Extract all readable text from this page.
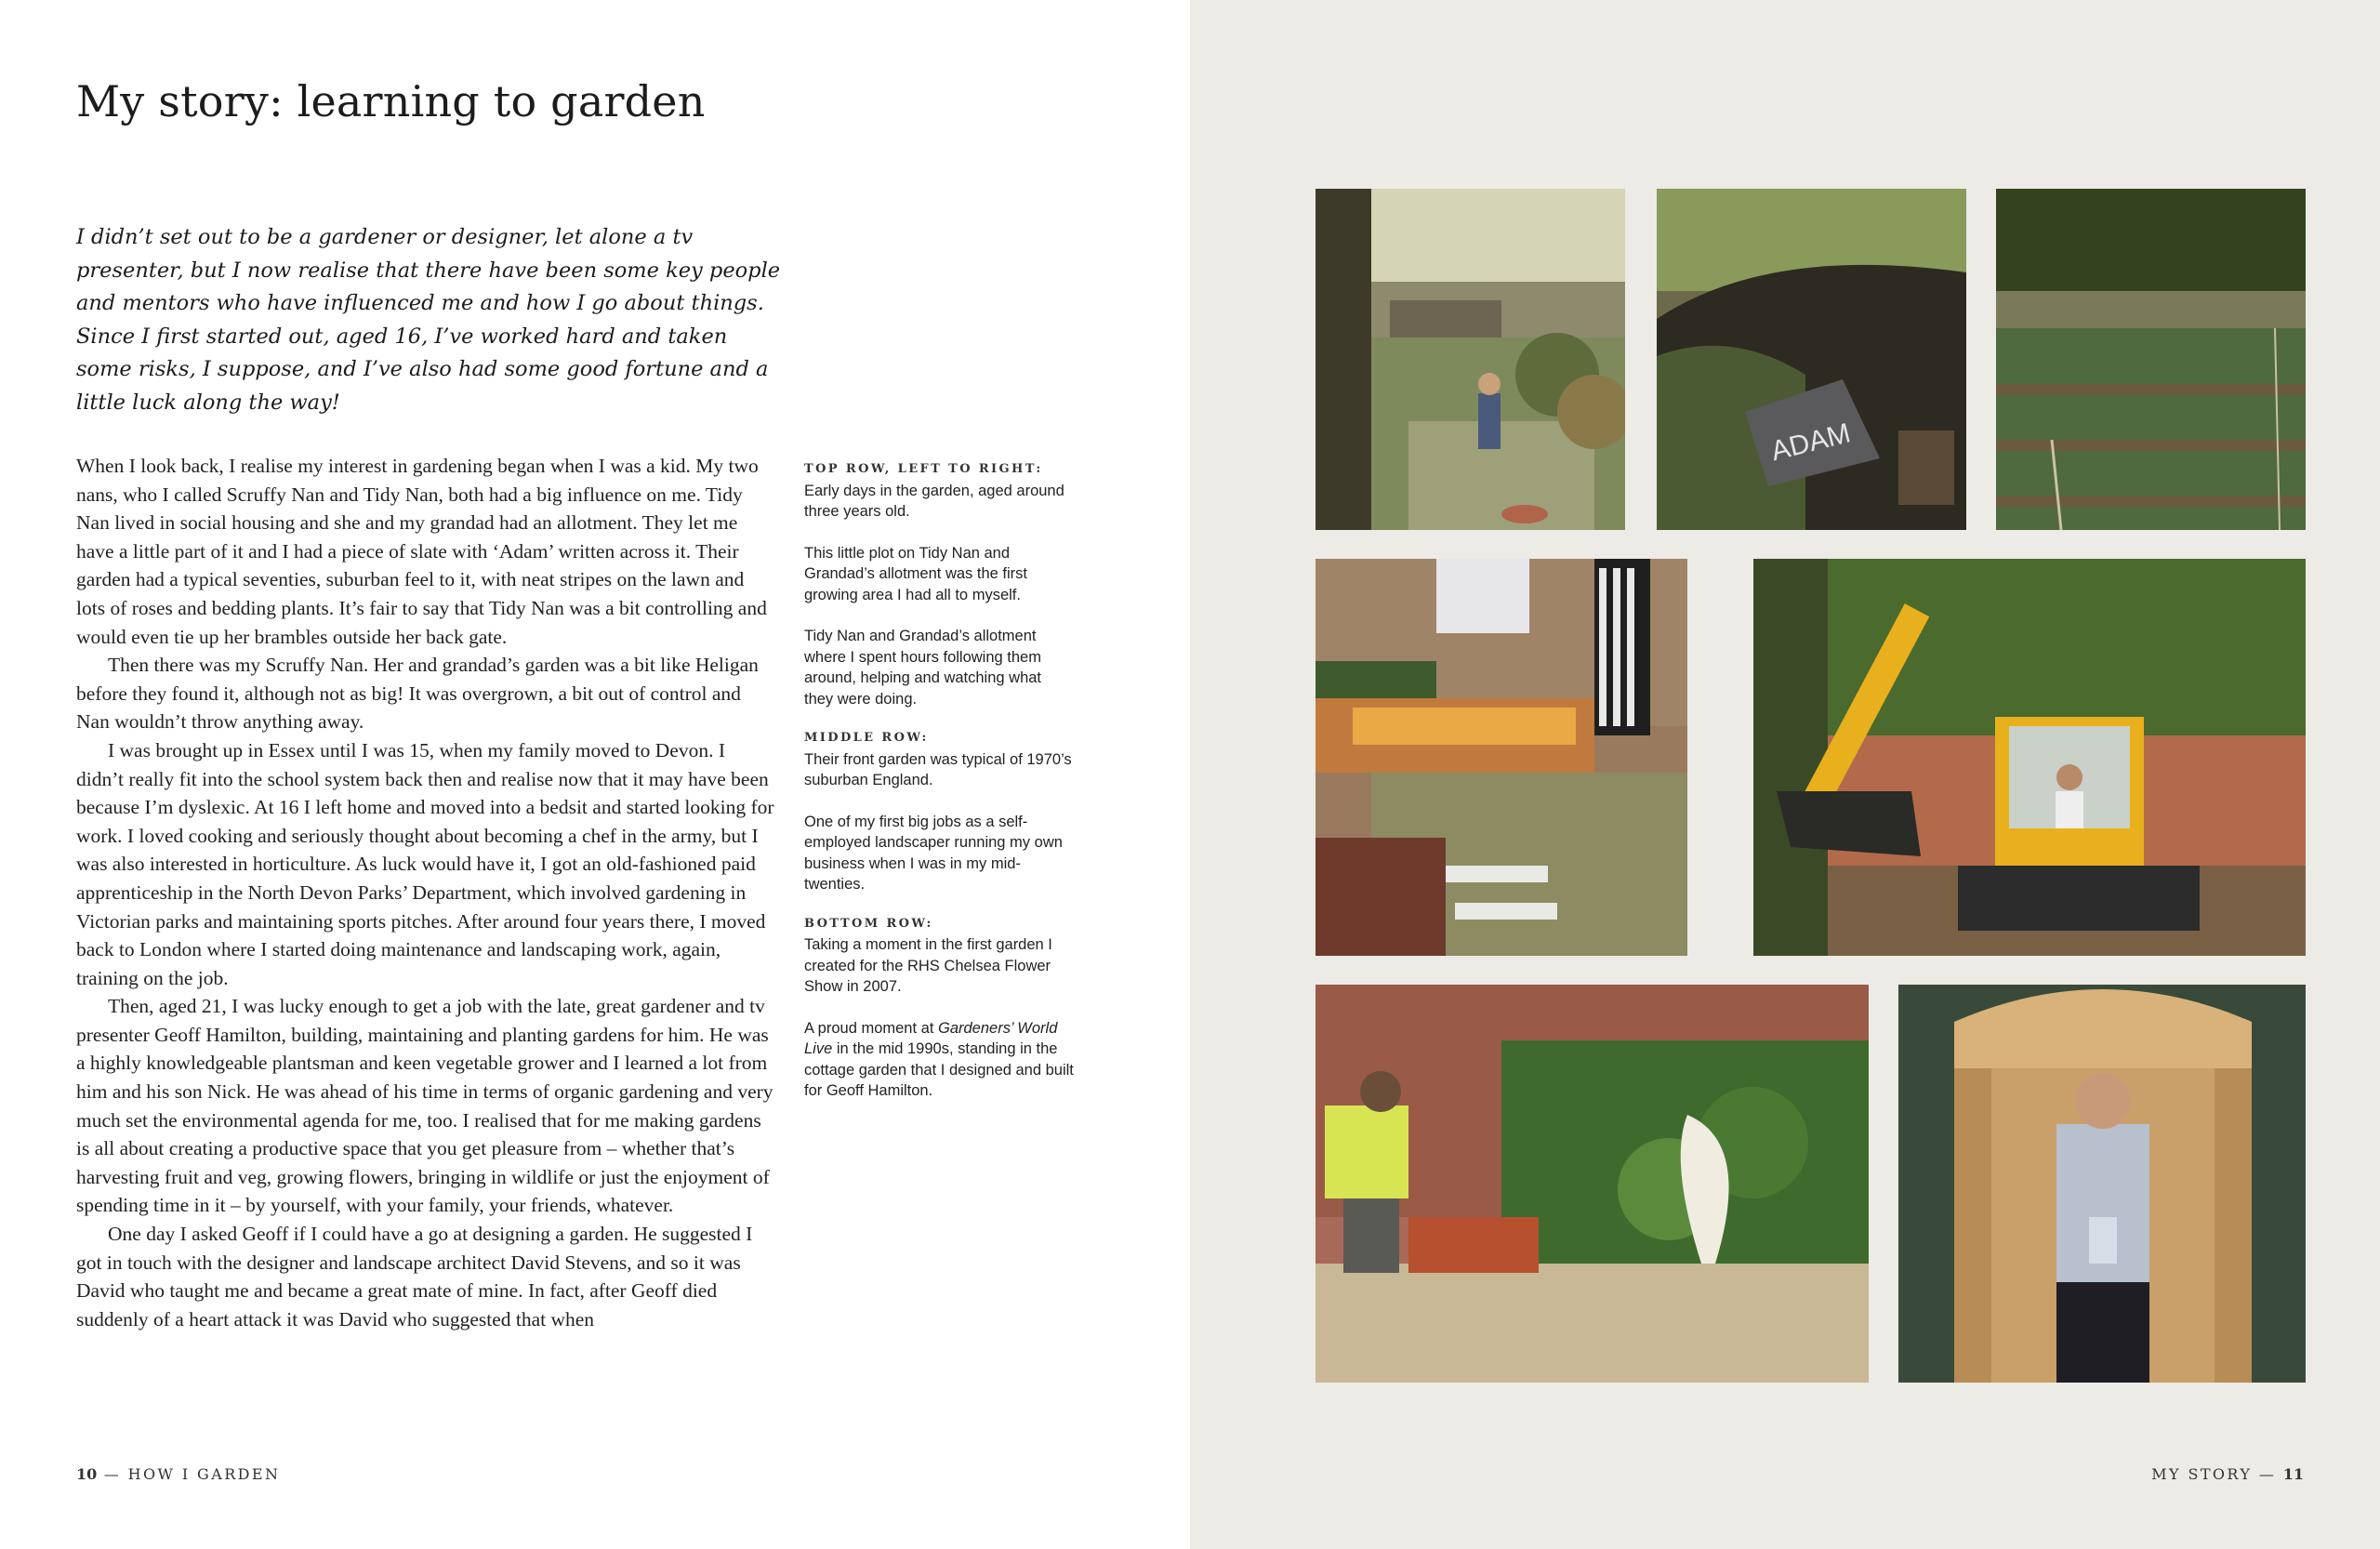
My story: learning to garden

I didn’t set out to be a gardener or designer, let alone a tv presenter, but I now realise that there have been some key people and mentors who have influenced me and how I go about things. Since I first started out, aged 16, I’ve worked hard and taken some risks, I suppose, and I’ve also had some good fortune and a little luck along the way!

When I look back, I realise my interest in gardening began when I was a kid. My two nans, who I called Scruffy Nan and Tidy Nan, both had a big influence on me. Tidy Nan lived in social housing and she and my grandad had an allotment. They let me have a little part of it and I had a piece of slate with ‘Adam’ written across it. Their garden had a typical seventies, suburban feel to it, with neat stripes on the lawn and lots of roses and bedding plants. It’s fair to say that Tidy Nan was a bit controlling and would even tie up her brambles outside her back gate.

Then there was my Scruffy Nan. Her and grandad’s garden was a bit like Heligan before they found it, although not as big! It was overgrown, a bit out of control and Nan wouldn’t throw anything away.

I was brought up in Essex until I was 15, when my family moved to Devon. I didn’t really fit into the school system back then and realise now that it may have been because I’m dyslexic. At 16 I left home and moved into a bedsit and started looking for work. I loved cooking and seriously thought about becoming a chef in the army, but I was also interested in horticulture. As luck would have it, I got an old-fashioned paid apprenticeship in the North Devon Parks’ Department, which involved gardening in Victorian parks and maintaining sports pitches. After around four years there, I moved back to London where I started doing maintenance and landscaping work, again, training on the job.

Then, aged 21, I was lucky enough to get a job with the late, great gardener and tv presenter Geoff Hamilton, building, maintaining and planting gardens for him. He was a highly knowledgeable plantsman and keen vegetable grower and I learned a lot from him and his son Nick. He was ahead of his time in terms of organic gardening and very much set the environmental agenda for me, too. I realised that for me making gardens is all about creating a productive space that you get pleasure from – whether that’s harvesting fruit and veg, growing flowers, bringing in wildlife or just the enjoyment of spending time in it – by yourself, with your family, your friends, whatever.

One day I asked Geoff if I could have a go at designing a garden. He suggested I got in touch with the designer and landscape architect David Stevens, and so it was David who taught me and became a great mate of mine. In fact, after Geoff died suddenly of a heart attack it was David who suggested that when

TOP ROW, LEFT TO RIGHT:
Early days in the garden, aged around three years old.
This little plot on Tidy Nan and Grandad’s allotment was the first growing area I had all to myself.
Tidy Nan and Grandad’s allotment where I spent hours following them around, helping and watching what they were doing.
MIDDLE ROW:
Their front garden was typical of 1970’s suburban England.
One of my first big jobs as a self-employed landscaper running my own business when I was in my mid-twenties.
BOTTOM ROW:
Taking a moment in the first garden I created for the RHS Chelsea Flower Show in 2007.
A proud moment at Gardeners’ World Live in the mid 1990s, standing in the cottage garden that I designed and built for Geoff Hamilton.
10 — HOW I GARDEN
ADAM
MY STORY — 11
